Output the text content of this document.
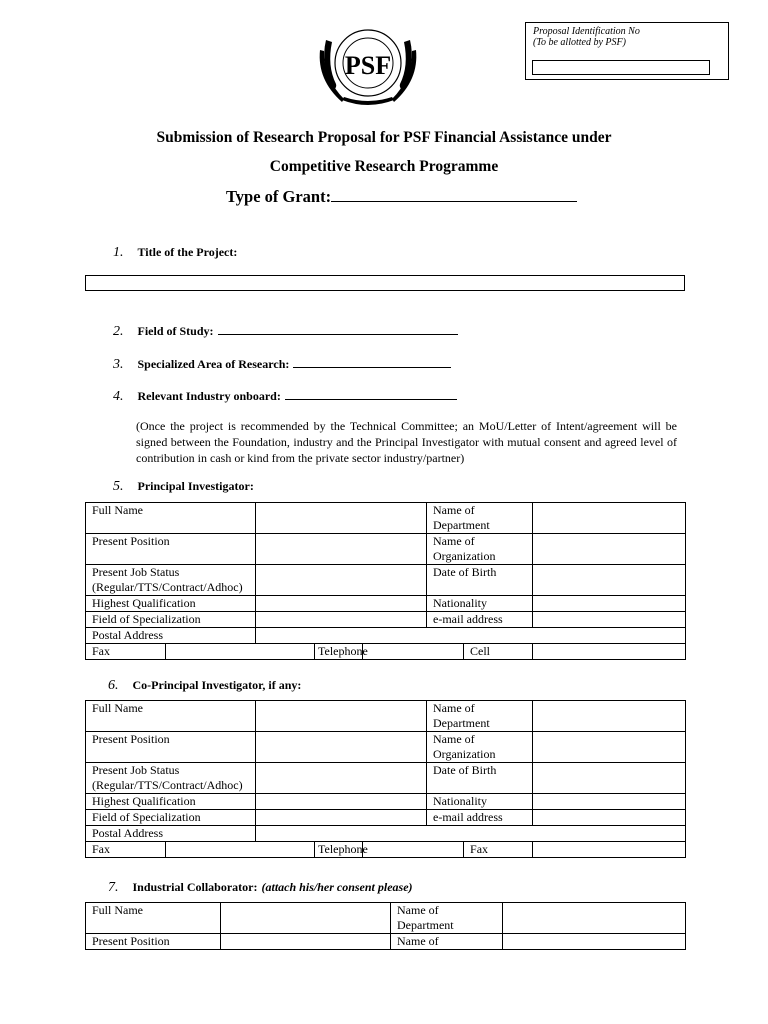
PSF
Proposal Identification No
(To be allotted by PSF)
Submission of Research Proposal for PSF Financial Assistance under
Competitive Research Programme
Type of Grant:
1. Title of the Project:
2. Field of Study:
3. Specialized Area of Research:
4. Relevant Industry onboard:
(Once the project is recommended by the Technical Committee; an MoU/Letter of Intent/agreement will be signed between the Foundation, industry and the Principal Investigator with mutual consent and agreed level of contribution in cash or kind from the private sector industry/partner)
5. Principal Investigator:
Full Name					Name of
Department		
Present Position					Name of
Organization		
Present Job Status
(Regular/TTS/Contract/Adhoc)					Date of Birth		
Highest Qualification					Nationality		
Field of Specialization					e-mail address		
Postal Address							
Fax			Telephone			Cell	
6. Co-Principal Investigator, if any:
Full Name					Name of
Department		
Present Position					Name of
Organization		
Present Job Status
(Regular/TTS/Contract/Adhoc)					Date of Birth		
Highest Qualification					Nationality		
Field of Specialization					e-mail address		
Postal Address							
Fax			Telephone			Fax	
7. Industrial Collaborator: (attach his/her consent please)
Full Name		Name of
Department	
Present Position		Name of	
